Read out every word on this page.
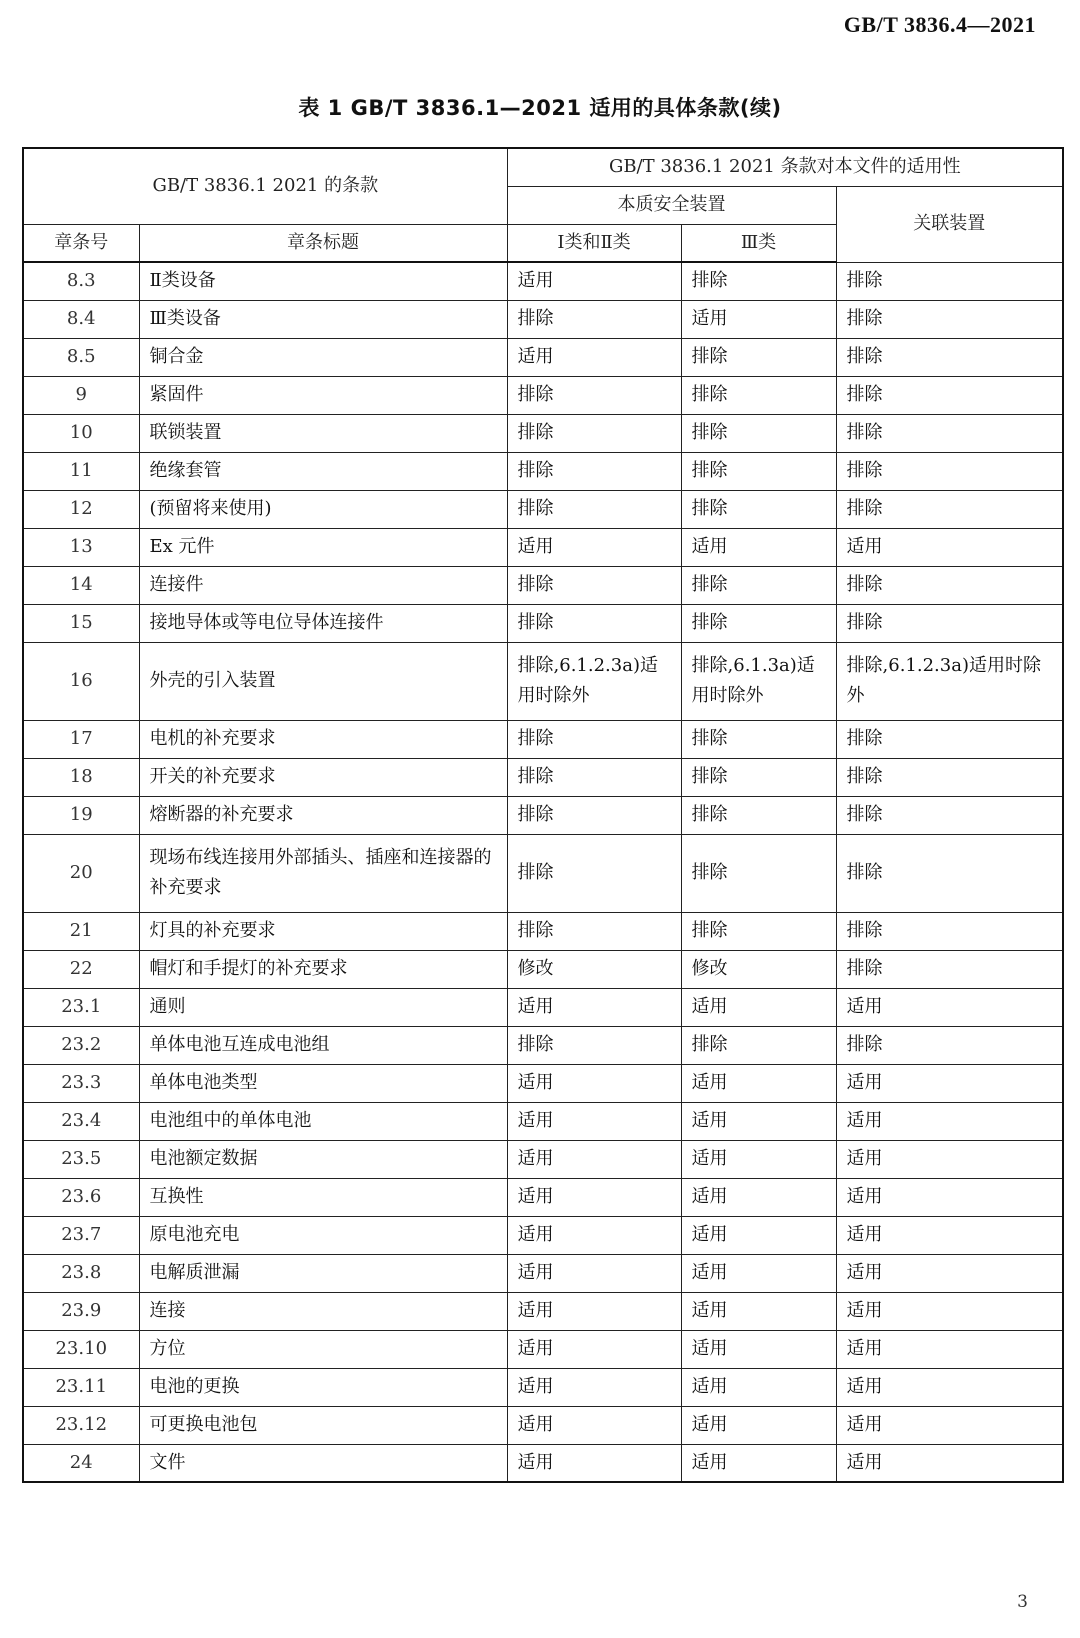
GB/T 3836.4—2021
表 1 GB/T 3836.1—2021 适用的具体条款(续)
GB/T 3836.1 2021 的条款		GB/T 3836.1 2021 条款对本文件的适用性		
		本质安全装置		关联装置
章条号	章条标题	Ⅰ类和Ⅱ类	Ⅲ类	
8.3	Ⅱ类设备	适用	排除	排除
8.4	Ⅲ类设备	排除	适用	排除
8.5	铜合金	适用	排除	排除
9	紧固件	排除	排除	排除
10	联锁装置	排除	排除	排除
11	绝缘套管	排除	排除	排除
12	(预留将来使用)	排除	排除	排除
13	Ex 元件	适用	适用	适用
14	连接件	排除	排除	排除
15	接地导体或等电位导体连接件	排除	排除	排除
16	外壳的引入装置	排除,6.1.2.3a)适用时除外	排除,6.1.3a)适用时除外	排除,6.1.2.3a)适用时除外
17	电机的补充要求	排除	排除	排除
18	开关的补充要求	排除	排除	排除
19	熔断器的补充要求	排除	排除	排除
20	现场布线连接用外部插头、插座和连接器的补充要求	排除	排除	排除
21	灯具的补充要求	排除	排除	排除
22	帽灯和手提灯的补充要求	修改	修改	排除
23.1	通则	适用	适用	适用
23.2	单体电池互连成电池组	排除	排除	排除
23.3	单体电池类型	适用	适用	适用
23.4	电池组中的单体电池	适用	适用	适用
23.5	电池额定数据	适用	适用	适用
23.6	互换性	适用	适用	适用
23.7	原电池充电	适用	适用	适用
23.8	电解质泄漏	适用	适用	适用
23.9	连接	适用	适用	适用
23.10	方位	适用	适用	适用
23.11	电池的更换	适用	适用	适用
23.12	可更换电池包	适用	适用	适用
24	文件	适用	适用	适用
3
